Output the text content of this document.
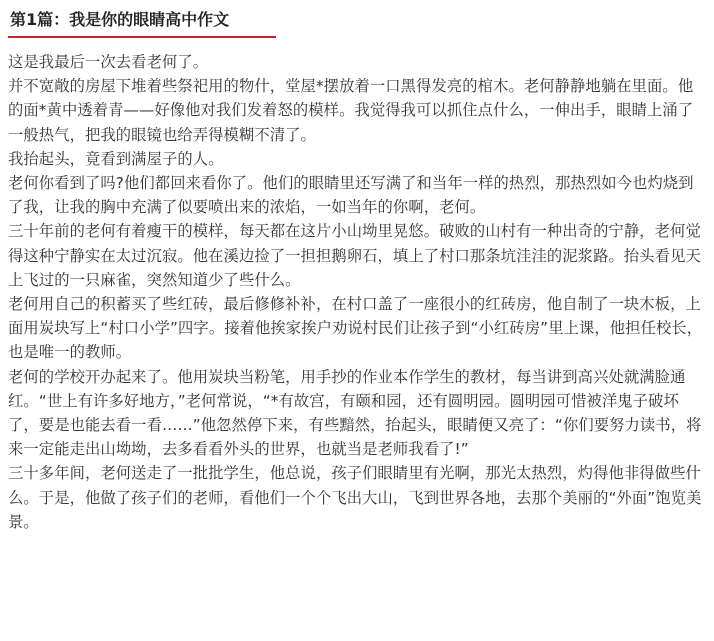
第1篇：我是你的眼睛高中作文

这是我最后一次去看老何了。

并不宽敞的房屋下堆着些祭祀用的物什，堂屋*摆放着一口黑得发亮的棺木。老何静静地躺在里面。他的面*黄中透着青——好像他对我们发着怒的模样。我觉得我可以抓住点什么，一伸出手，眼睛上涌了一般热气，把我的眼镜也给弄得模糊不清了。

我抬起头，竟看到满屋子的人。

老何你看到了吗?他们都回来看你了。他们的眼睛里还写满了和当年一样的热烈，那热烈如今也灼烧到了我，让我的胸中充满了似要喷出来的浓焰，一如当年的你啊，老何。

三十年前的老何有着瘦干的模样，每天都在这片小山坳里晃悠。破败的山村有一种出奇的宁静，老何觉得这种宁静实在太过沉寂。他在溪边捡了一担担鹅卵石，填上了村口那条坑洼洼的泥浆路。抬头看见天上飞过的一只麻雀，突然知道少了些什么。

老何用自己的积蓄买了些红砖，最后修修补补，在村口盖了一座很小的红砖房，他自制了一块木板，上面用炭块写上“村口小学”四字。接着他挨家挨户劝说村民们让孩子到“小红砖房”里上课，他担任校长，也是唯一的教师。

老何的学校开办起来了。他用炭块当粉笔，用手抄的作业本作学生的教材，每当讲到高兴处就满脸通红。“世上有许多好地方，”老何常说，“*有故宫，有颐和园，还有圆明园。圆明园可惜被洋鬼子破坏了，要是也能去看一看……”他忽然停下来，有些黯然，抬起头，眼睛便又亮了：“你们要努力读书，将来一定能走出山坳坳，去多看看外头的世界，也就当是老师我看了!”

三十多年间，老何送走了一批批学生，他总说，孩子们眼睛里有光啊，那光太热烈，灼得他非得做些什么。于是，他做了孩子们的老师，看他们一个个飞出大山，飞到世界各地，去那个美丽的“外面”饱览美景。
